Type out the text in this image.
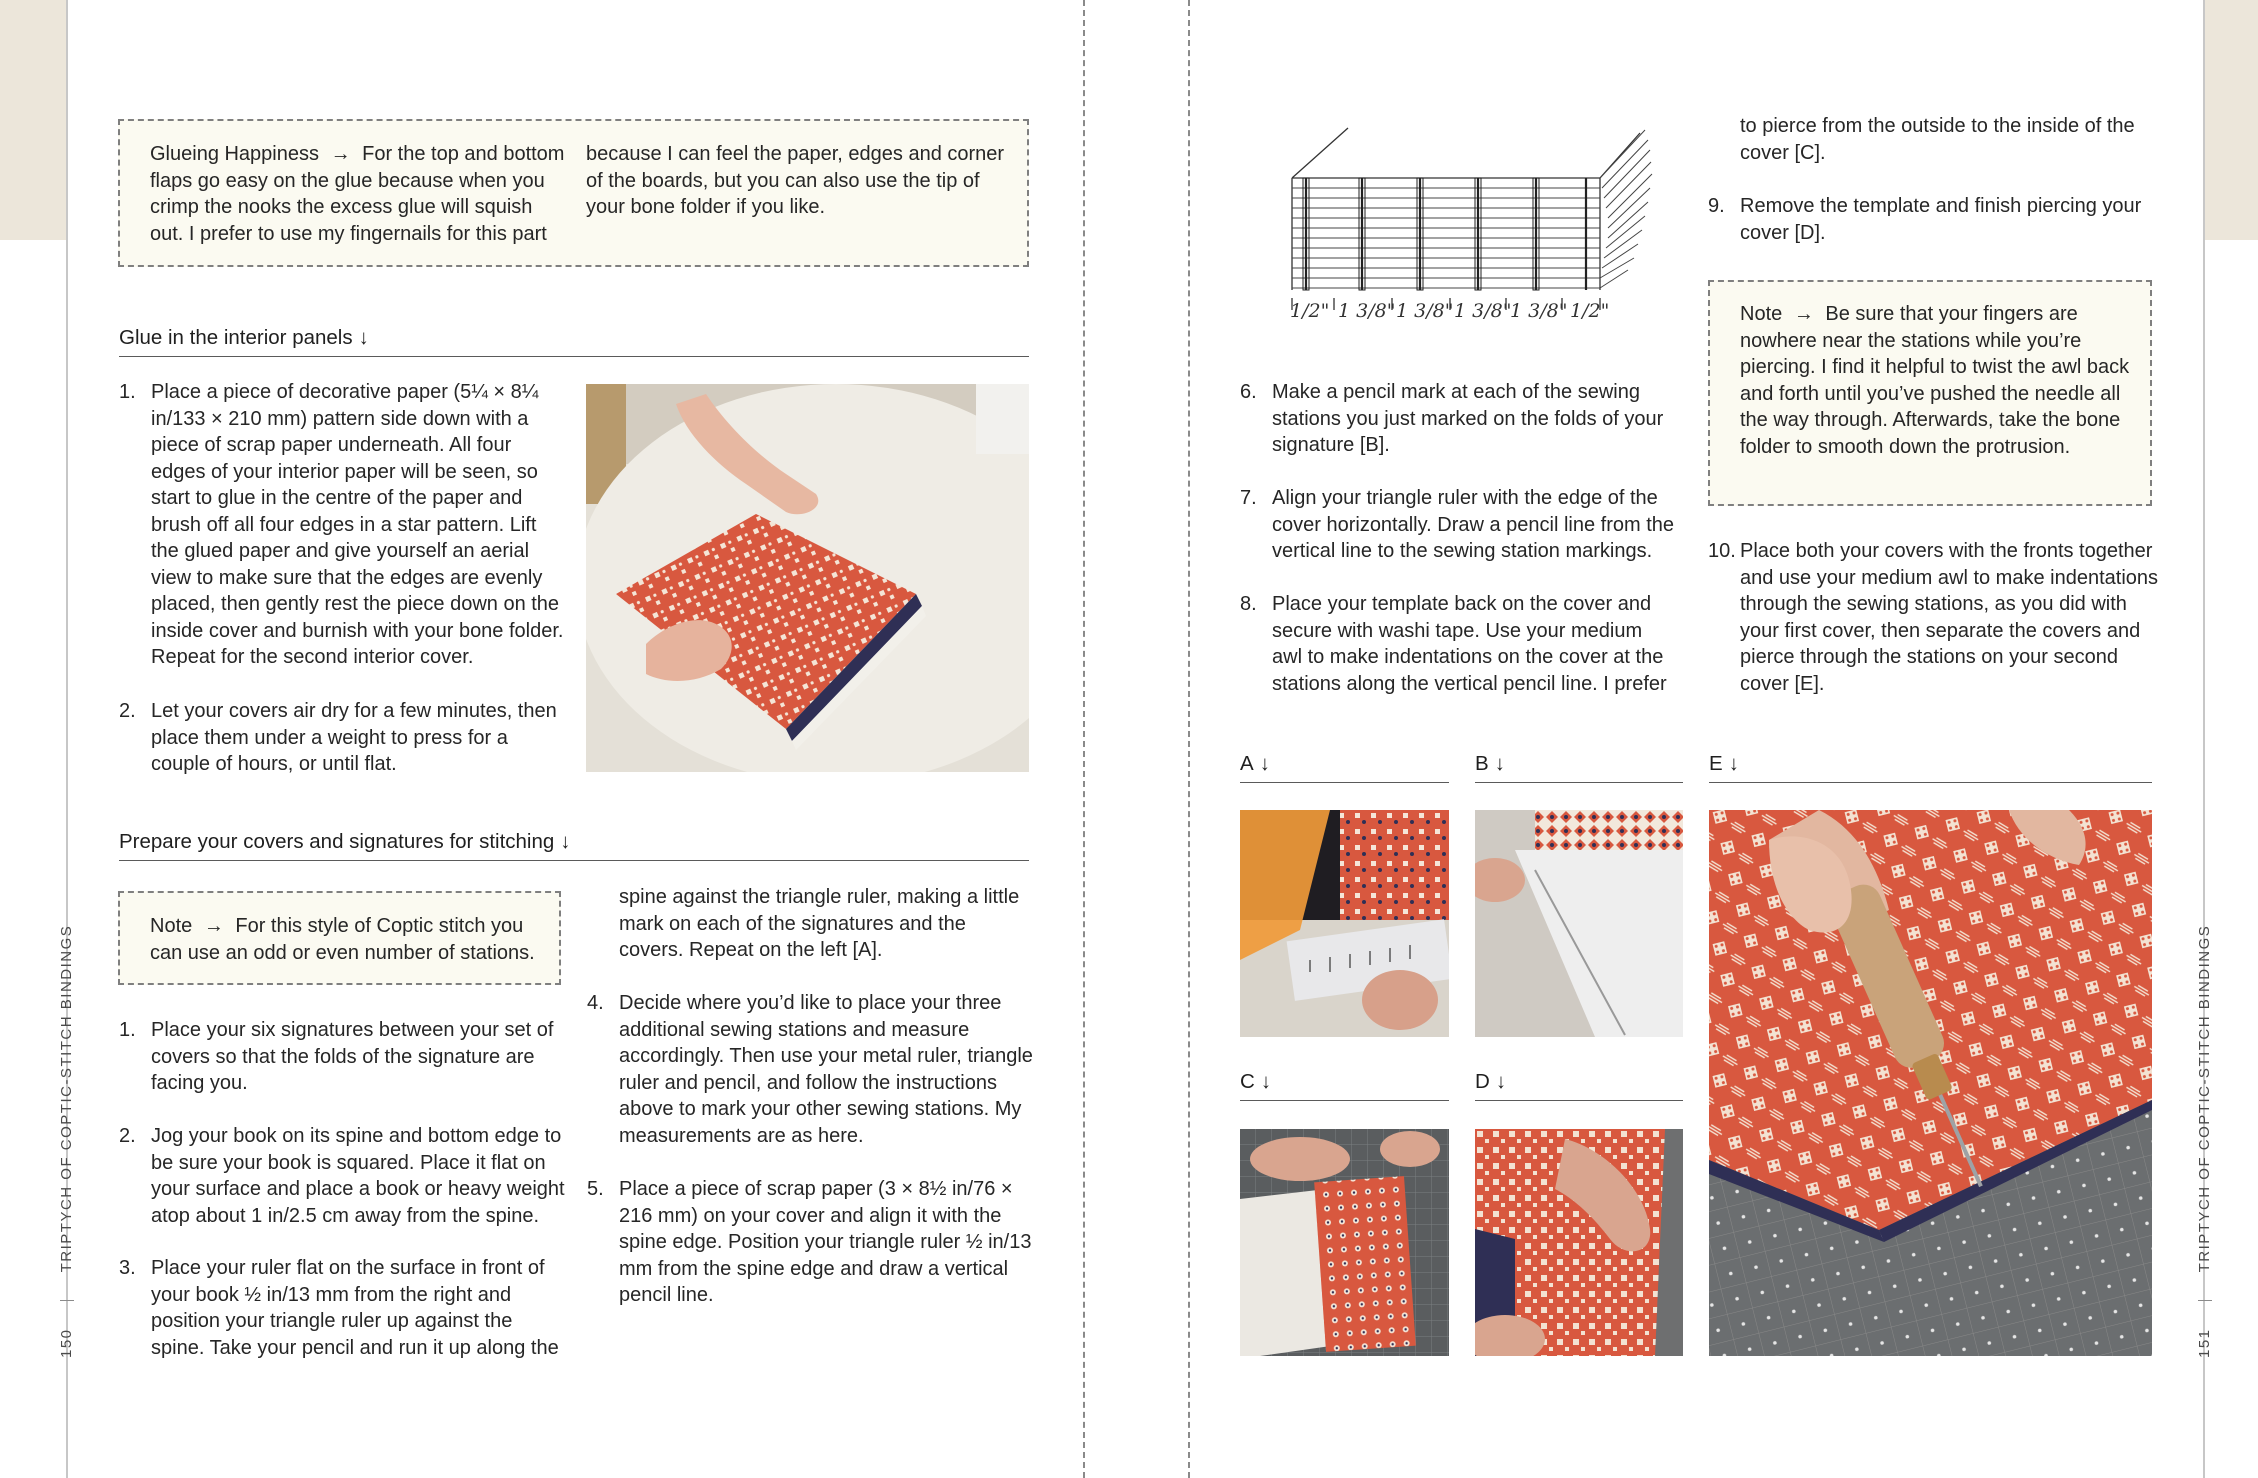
150  TRIPTYCH OF COPTIC-STITCH BINDINGS
151  TRIPTYCH OF COPTIC-STITCH BINDINGS
Glueing Happiness → For the top and bottom flaps go easy on the glue because when you crimp the nooks the excess glue will squish out. I prefer to use my fingernails for this part
because I can feel the paper, edges and corner of the boards, but you can also use the tip of your bone folder if you like.
Glue in the interior panels ↓
1. Place a piece of decorative paper (5¼ × 8¼ in/133 × 210 mm) pattern side down with a piece of scrap paper underneath. All four edges of your interior paper will be seen, so start to glue in the centre of the paper and brush off all four edges in a star pattern. Lift the glued paper and give yourself an aerial view to make sure that the edges are evenly placed, then gently rest the piece down on the inside cover and burnish with your bone folder. Repeat for the second interior cover.
2. Let your covers air dry for a few minutes, then place them under a weight to press for a couple of hours, or until flat.
Prepare your covers and signatures for stitching ↓
Note → For this style of Coptic stitch you can use an odd or even number of stations.
1. Place your six signatures between your set of covers so that the folds of the signature are facing you.
2. Jog your book on its spine and bottom edge to be sure your book is squared. Place it flat on your surface and place a book or heavy weight atop about 1 in/2.5 cm away from the spine.
3. Place your ruler flat on the surface in front of your book ½ in/13 mm from the right and position your triangle ruler up against the spine. Take your pencil and run it up along the
spine against the triangle ruler, making a little mark on each of the signatures and the covers. Repeat on the left [A].
4. Decide where you’d like to place your three additional sewing stations and measure accordingly. Then use your metal ruler, triangle ruler and pencil, and follow the instructions above to mark your other sewing stations. My measurements are as here.
5. Place a piece of scrap paper (3 × 8½ in/76 × 216 mm) on your cover and align it with the spine edge. Position your triangle ruler ½ in/13 mm from the spine edge and draw a vertical pencil line.
1/2" 1 3/8" 1 3/8" 1 3/8"
1 3/8" 1/2"
6. Make a pencil mark at each of the sewing stations you just marked on the folds of your signature [B].
7. Align your triangle ruler with the edge of the cover horizontally. Draw a pencil line from the vertical line to the sewing station markings.
8. Place your template back on the cover and secure with washi tape. Use your medium awl to make indentations on the cover at the stations along the vertical pencil line. I prefer
to pierce from the outside to the inside of the cover [C].
9. Remove the template and finish piercing your cover [D].
Note → Be sure that your fingers are nowhere near the stations while you’re piercing. I find it helpful to twist the awl back and forth until you’ve pushed the needle all the way through. Afterwards, take the bone folder to smooth down the protrusion.
10. Place both your covers with the fronts together and use your medium awl to make indentations through the sewing stations, as you did with your first cover, then separate the covers and pierce through the stations on your second cover [E].
A ↓	B ↓	E ↓
C ↓	D ↓
